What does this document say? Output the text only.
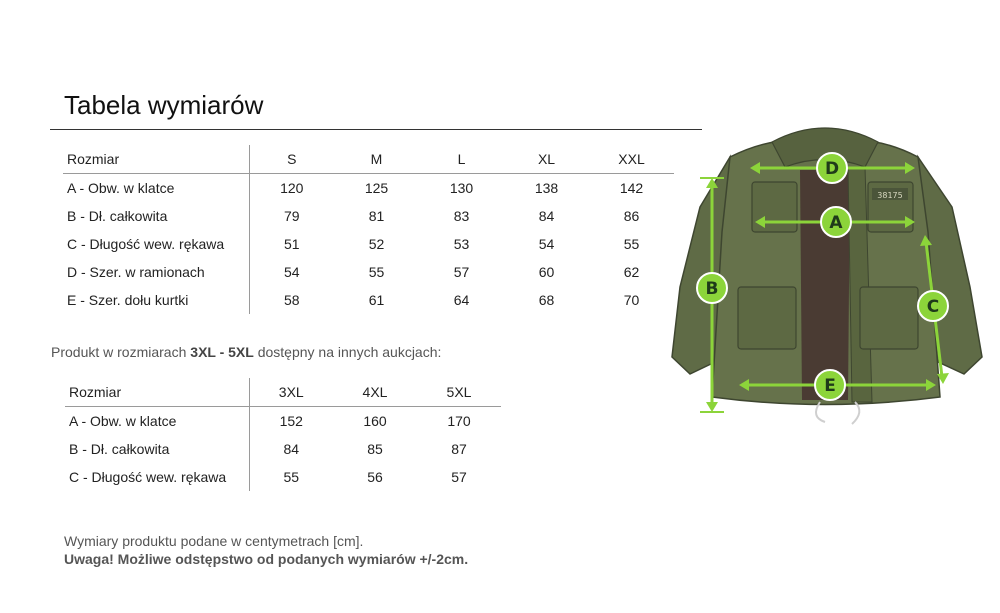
Tabela wymiarów
Rozmiar	S	M	L	XL	XXL
A - Obw. w klatce	120	125	130	138	142
B - Dł. całkowita	79	81	83	84	86
C - Długość wew. rękawa	51	52	53	54	55
D - Szer. w ramionach	54	55	57	60	62
E - Szer. dołu kurtki	58	61	64	68	70
Produkt w rozmiarach 3XL - 5XL dostępny na innych aukcjach:
Rozmiar	3XL	4XL	5XL
A - Obw. w klatce	152	160	170
B - Dł. całkowita	84	85	87
C - Długość wew. rękawa	55	56	57
Wymiary produktu podane w centymetrach [cm].
Uwaga! Możliwe odstępstwo od podanych wymiarów +/-2cm.
38175
D
A
B
C
E
